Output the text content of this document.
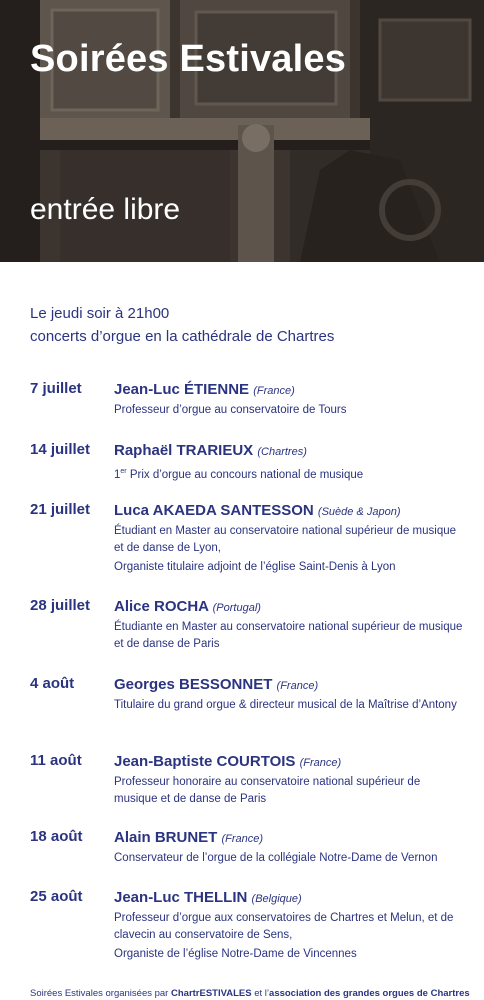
Soirées Estivales
entrée libre
Le jeudi soir à 21h00
concerts d’orgue en la cathédrale de Chartres
7 juillet Jean-Luc ÉTIENNE (France)

Professeur d’orgue au conservatoire de Tours

14 juillet Raphaël TRARIEUX (Chartres)

1er Prix d’orgue au concours national de musique

21 juillet Luca AKAEDA SANTESSON (Suède & Japon)

Étudiant en Master au conservatoire national supérieur de musique et de danse de Lyon,

Organiste titulaire adjoint de l’église Saint-Denis à Lyon

28 juillet Alice ROCHA (Portugal)

Étudiante en Master au conservatoire national supérieur de musique et de danse de Paris

4 août	Georges BESSONNET (France)

Titulaire du grand orgue & directeur musical de la Maîtrise d’Antony

11 août Jean-Baptiste COURTOIS (France)

Professeur honoraire au conservatoire national supérieur de musique et de danse de Paris

18 août Alain BRUNET (France)

Conservateur de l’orgue de la collégiale Notre-Dame de Vernon

25 août Jean-Luc THELLIN (Belgique)

Professeur d’orgue aux conservatoires de Chartres et Melun, et de clavecin au conservatoire de Sens,

Organiste de l’église Notre-Dame de Vincennes

Soirées Estivales organisées par ChartrESTIVALES et l’association des grandes orgues de Chartres
